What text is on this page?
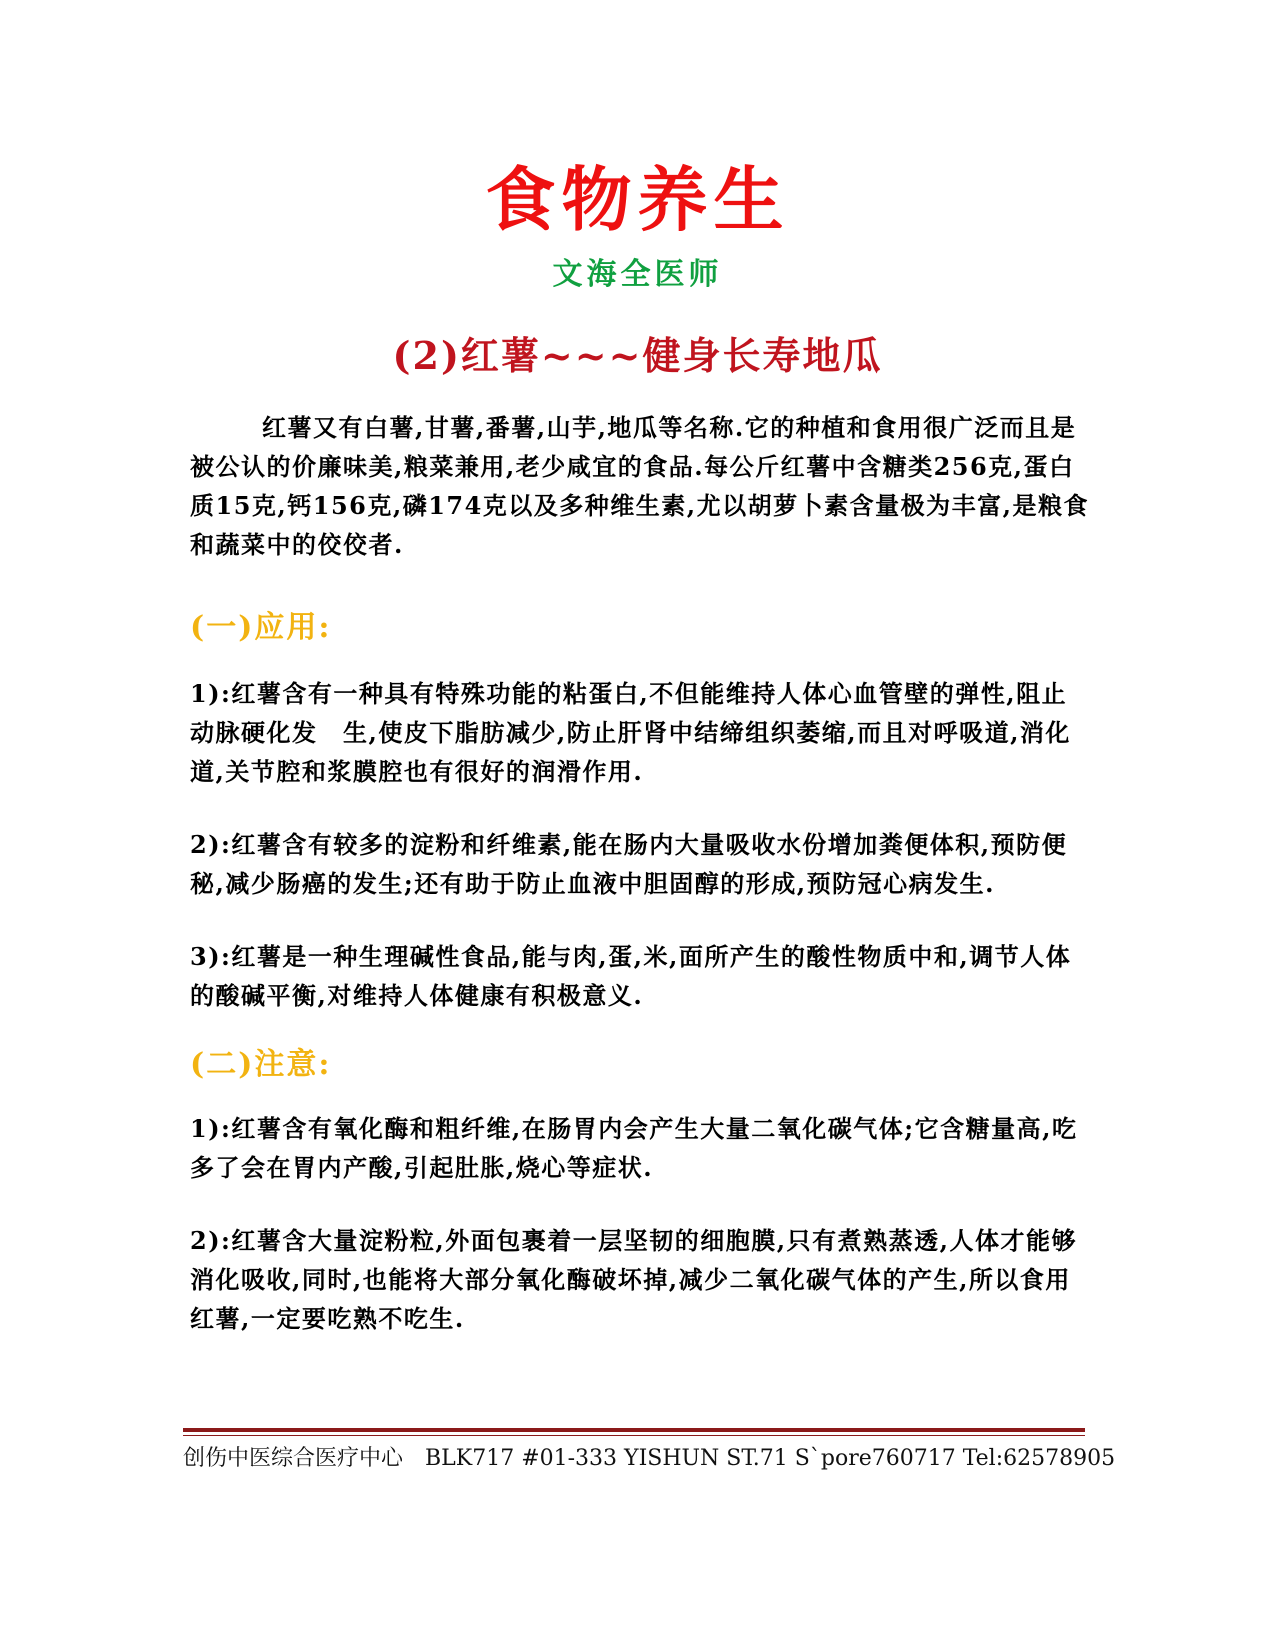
食物养生
文海全医师
(2)红薯~~~健身长寿地瓜

红薯又有白薯,甘薯,番薯,山芋,地瓜等名称.它的种植和食用很广泛而且是被公认的价廉味美,粮菜兼用,老少咸宜的食品.每公斤红薯中含糖类256克,蛋白质15克,钙156克,磷174克以及多种维生素,尤以胡萝卜素含量极为丰富,是粮食和蔬菜中的佼佼者.

(一)应用:

1):红薯含有一种具有特殊功能的粘蛋白,不但能维持人体心血管壁的弹性,阻止动脉硬化发　生,使皮下脂肪减少,防止肝肾中结缔组织萎缩,而且对呼吸道,消化道,关节腔和浆膜腔也有很好的润滑作用.

2):红薯含有较多的淀粉和纤维素,能在肠内大量吸收水份增加粪便体积,预防便秘,减少肠癌的发生;还有助于防止血液中胆固醇的形成,预防冠心病发生.

3):红薯是一种生理碱性食品,能与肉,蛋,米,面所产生的酸性物质中和,调节人体的酸碱平衡,对维持人体健康有积极意义.

(二)注意:

1):红薯含有氧化酶和粗纤维,在肠胃内会产生大量二氧化碳气体;它含糖量高,吃多了会在胃内产酸,引起肚胀,烧心等症状.

2):红薯含大量淀粉粒,外面包裹着一层坚韧的细胞膜,只有煮熟蒸透,人体才能够消化吸收,同时,也能将大部分氧化酶破坏掉,减少二氧化碳气体的产生,所以食用红薯,一定要吃熟不吃生.

创伤中医综合医疗中心　BLK717 #01-333 YISHUN ST.71 S`pore760717 Tel:62578905
